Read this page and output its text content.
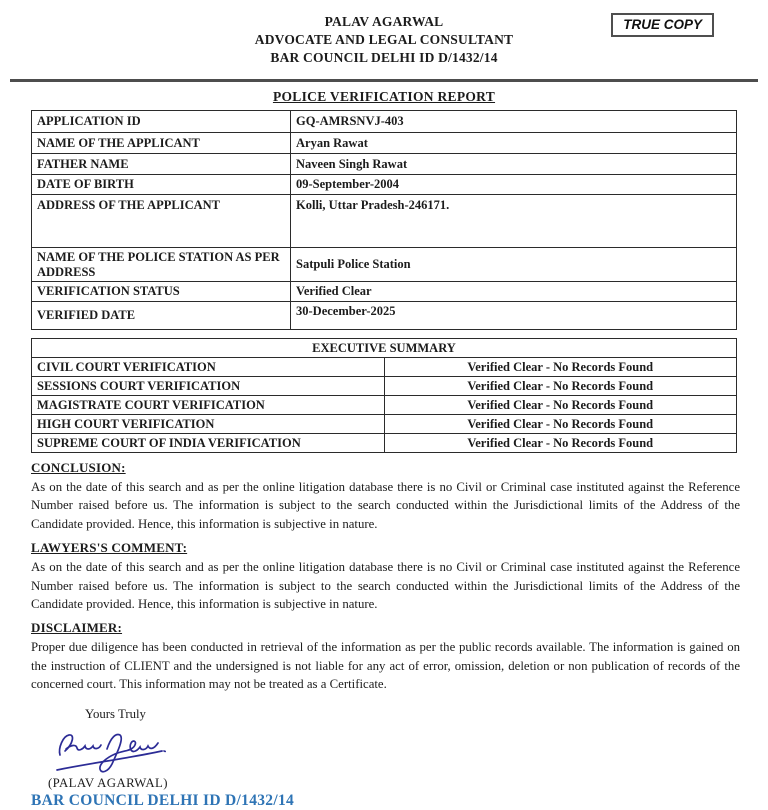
TRUE COPY
PALAV AGARWAL
ADVOCATE AND LEGAL CONSULTANT
BAR COUNCIL DELHI ID D/1432/14
POLICE VERIFICATION REPORT
APPLICATION ID	GQ-AMRSNVJ-403
NAME OF THE APPLICANT	Aryan Rawat
FATHER NAME	Naveen Singh Rawat
DATE OF BIRTH	09-September-2004
ADDRESS OF THE APPLICANT	Kolli, Uttar Pradesh-246171.
NAME OF THE POLICE STATION AS PER ADDRESS	Satpuli Police Station
VERIFICATION STATUS	Verified Clear
VERIFIED DATE	30-December-2025
EXECUTIVE SUMMARY	
CIVIL COURT VERIFICATION	Verified Clear - No Records Found
SESSIONS COURT VERIFICATION	Verified Clear - No Records Found
MAGISTRATE COURT VERIFICATION	Verified Clear - No Records Found
HIGH COURT VERIFICATION	Verified Clear - No Records Found
SUPREME COURT OF INDIA VERIFICATION	Verified Clear - No Records Found
CONCLUSION:

As on the date of this search and as per the online litigation database there is no Civil or Criminal case instituted against the Reference Number raised before us. The information is subject to the search conducted within the Jurisdictional limits of the Address of the Candidate provided. Hence, this information is subjective in nature.

LAWYERS'S COMMENT:

As on the date of this search and as per the online litigation database there is no Civil or Criminal case instituted against the Reference Number raised before us. The information is subject to the search conducted within the Jurisdictional limits of the Address of the Candidate provided. Hence, this information is subjective in nature.

DISCLAIMER:

Proper due diligence has been conducted in retrieval of the information as per the public records available. The information is gained on the instruction of CLIENT and the undersigned is not liable for any act of error, omission, deletion or non publication of records of the concerned court. This information may not be treated as a Certificate.

Yours Truly
(PALAV AGARWAL)
BAR COUNCIL DELHI ID D/1432/14
